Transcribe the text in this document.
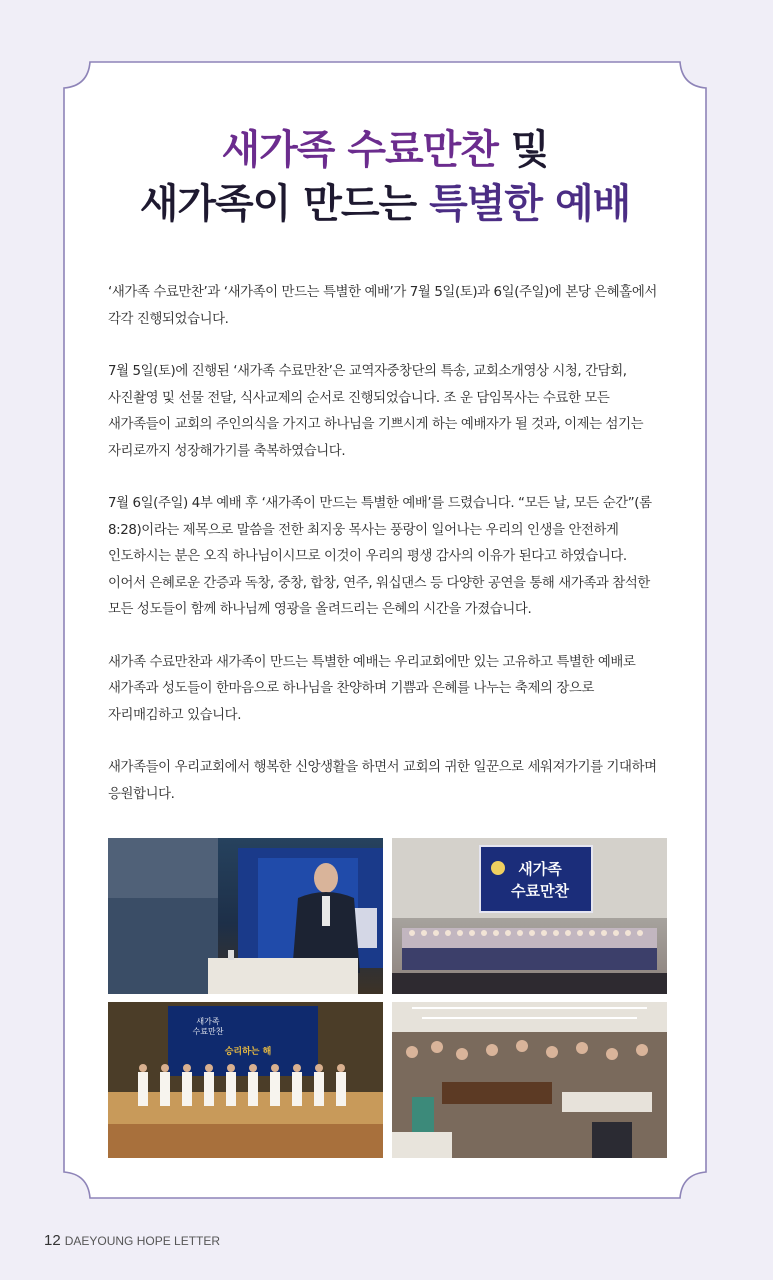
새가족 수료만찬 및
새가족이 만드는 특별한 예배

‘새가족 수료만찬’과 ‘새가족이 만드는 특별한 예배’가 7월 5일(토)과 6일(주일)에 본당 은혜홀에서 각각 진행되었습니다.

7월 5일(토)에 진행된 ‘새가족 수료만찬’은 교역자중창단의 특송, 교회소개영상 시청, 간담회, 사진촬영 및 선물 전달, 식사교제의 순서로 진행되었습니다. 조 운 담임목사는 수료한 모든 새가족들이 교회의 주인의식을 가지고 하나님을 기쁘시게 하는 예배자가 될 것과, 이제는 섬기는 자리로까지 성장해가기를 축복하였습니다.

7월 6일(주일) 4부 예배 후 ‘새가족이 만드는 특별한 예배’를 드렸습니다. “모든 날, 모든 순간”(롬 8:28)이라는 제목으로 말씀을 전한 최지웅 목사는 풍랑이 일어나는 우리의 인생을 안전하게 인도하시는 분은 오직 하나님이시므로 이것이 우리의 평생 감사의 이유가 된다고 하였습니다. 이어서 은혜로운 간증과 독창, 중창, 합창, 연주, 워십댄스 등 다양한 공연을 통해 새가족과 참석한 모든 성도들이 함께 하나님께 영광을 올려드리는 은혜의 시간을 가졌습니다.

새가족 수료만찬과 새가족이 만드는 특별한 예배는 우리교회에만 있는 고유하고 특별한 예배로 새가족과 성도들이 한마음으로 하나님을 찬양하며 기쁨과 은혜를 나누는 축제의 장으로 자리매김하고 있습니다.

새가족들이 우리교회에서 행복한 신앙생활을 하면서 교회의 귀한 일꾼으로 세워져가기를 기대하며 응원합니다.

새가족
수료만찬
새가족
수료만찬
승리하는 해
12 DAEYOUNG HOPE LETTER
